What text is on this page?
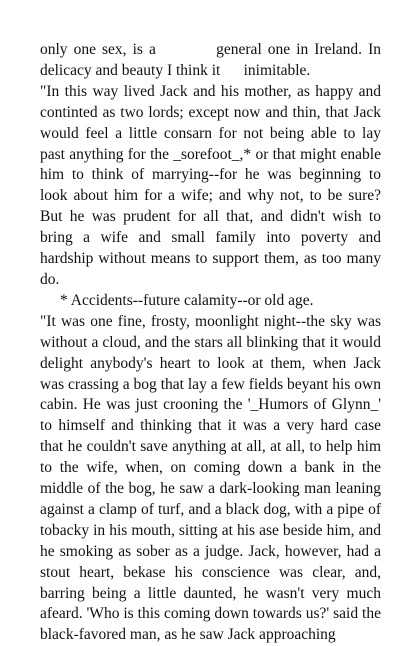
only one sex, is a          general one in Ireland. In delicacy and beauty I think it      inimitable.

"In this way lived Jack and his mother, as happy and continted as two lords; except now and thin, that Jack would feel a little consarn for not being able to lay past anything for the _sorefoot_,* or that might enable him to think of marrying--for he was beginning to look about him for a wife; and why not, to be sure? But he was prudent for all that, and didn't wish to bring a wife and small family into poverty and hardship without means to support them, as too many do.

* Accidents--future calamity--or old age.

"It was one fine, frosty, moonlight night--the sky was without a cloud, and the stars all blinking that it would delight anybody's heart to look at them, when Jack was crassing a bog that lay a few fields beyant his own cabin. He was just crooning the '_Humors of Glynn_' to himself and thinking that it was a very hard case that he couldn't save anything at all, at all, to help him to the wife, when, on coming down a bank in the middle of the bog, he saw a dark-looking man leaning against a clamp of turf, and a black dog, with a pipe of tobacky in his mouth, sitting at his ase beside him, and he smoking as sober as a judge. Jack, however, had a stout heart, bekase his conscience was clear, and, barring being a little daunted, he wasn't very much afeard. 'Who is this coming down towards us?' said the black-favored man, as he saw Jack approaching
